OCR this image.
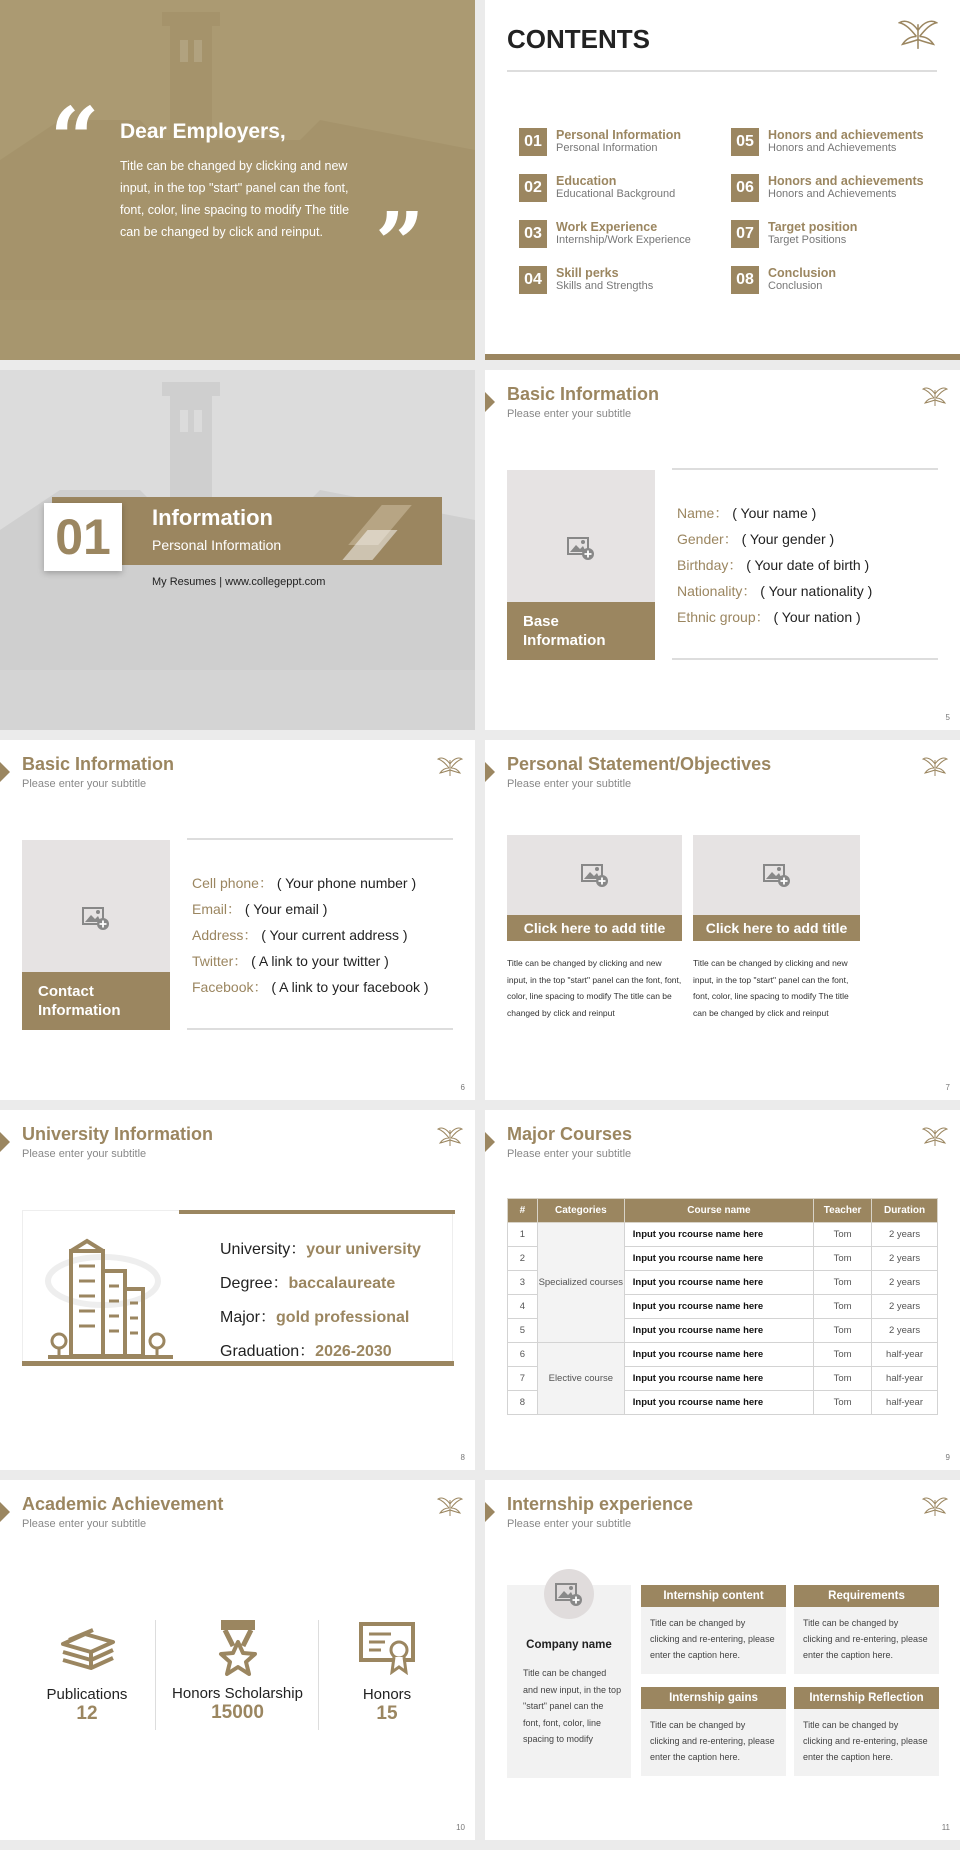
“ Dear Employers,
Title can be changed by clicking and new input, in the top "start" panel can the font, font, color, line spacing to modify The title can be changed by click and reinput. ”
CONTENTS
01	Personal Information
Personal Information
02	Education
Educational Background
03	Work Experience
Internship/Work Experience
04	Skill perks
Skills and Strengths
05	Honors and achievements
Honors and Achievements
06	Honors and achievements
Honors and Achievements
07	Target position
Target Positions
08	Conclusion
Conclusion
01	Information
Personal Information
My Resumes | www.collegeppt.com
Basic Information
Please enter your subtitle
Base Information
Name： ( Your name )
Gender： ( Your gender )
Birthday： ( Your date of birth )
Nationality： ( Your nationality )
Ethnic group： ( Your nation )
5
Basic Information
Please enter your subtitle
Contact Information
Cell phone： ( Your phone number )
Email： ( Your email )
Address： ( Your current address )
Twitter： ( A link to your twitter )
Facebook： ( A link to your facebook )
6
Personal Statement/Objectives
Please enter your subtitle
Click here to add title
Title can be changed by clicking and new input, in the top "start" panel can the font, font, color, line spacing to modify The title can be changed by click and reinput
Click here to add title
Title can be changed by clicking and new input, in the top "start" panel can the font, font, color, line spacing to modify The title can be changed by click and reinput
7
University Information
Please enter your subtitle
University：your university
Degree：baccalaureate
Major：gold professional
Graduation：2026-2030
8
Major Courses
Please enter your subtitle
#	Categories	Course name	Teacher	Duration
1	Specialized courses	Input you rcourse name here	Tom	2 years
2		Input you rcourse name here	Tom	2 years
3		Input you rcourse name here	Tom	2 years
4		Input you rcourse name here	Tom	2 years
5		Input you rcourse name here	Tom	2 years
6	Elective course	Input you rcourse name here	Tom	half-year
7		Input you rcourse name here	Tom	half-year
8		Input you rcourse name here	Tom	half-year
9
Academic Achievement
Please enter your subtitle
Publications
12
Honors Scholarship
15000
Honors
15
10
Internship experience
Please enter your subtitle
Company name
Title can be changed and new input, in the top "start" panel can the font, font, color, line spacing to modify
Internship content
Title can be changed by clicking and re-entering, please enter the caption here.
Requirements
Title can be changed by clicking and re-entering, please enter the caption here.
Internship gains
Title can be changed by clicking and re-entering, please enter the caption here.
Internship Reflection
Title can be changed by clicking and re-entering, please enter the caption here.
11
